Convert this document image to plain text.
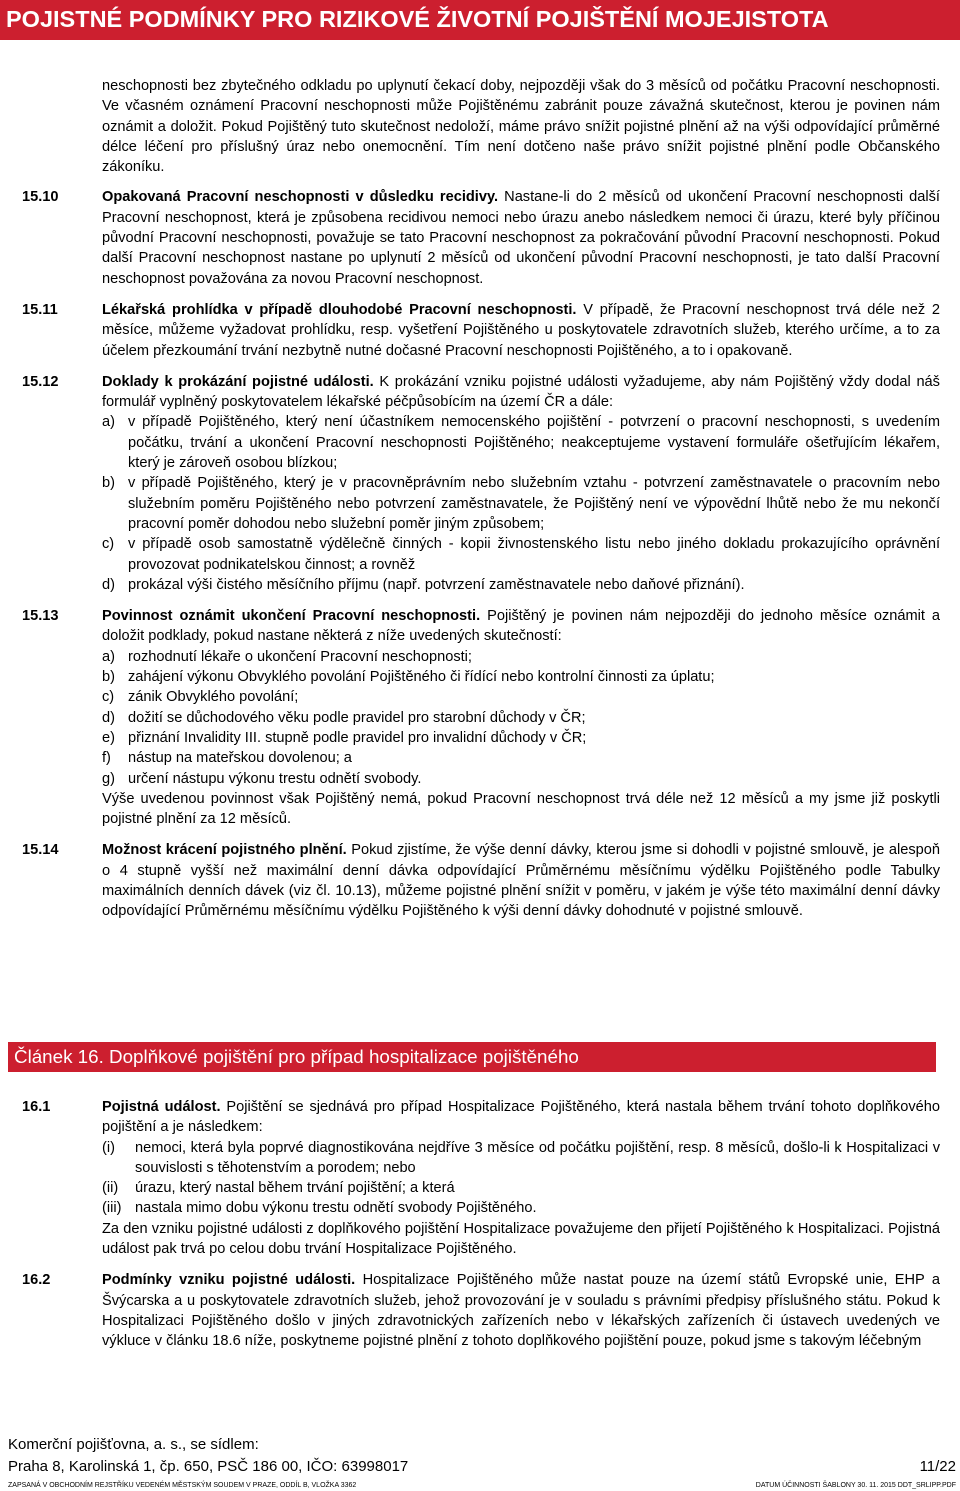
POJISTNÉ PODMÍNKY PRO RIZIKOVÉ ŽIVOTNÍ POJIŠTĚNÍ MOJEJISTOTA
neschopnosti bez zbytečného odkladu po uplynutí čekací doby, nejpozději však do 3 měsíců od počátku Pracovní neschopnosti. Ve včasném oznámení Pracovní neschopnosti může Pojištěnému zabránit pouze závažná skutečnost, kterou je povinen nám oznámit a doložit. Pokud Pojištěný tuto skutečnost nedoloží, máme právo snížit pojistné plnění až na výši odpovídající průměrné délce léčení pro příslušný úraz nebo onemocnění. Tím není dotčeno naše právo snížit pojistné plnění podle Občanského zákoníku.
15.10	Opakovaná Pracovní neschopnosti v důsledku recidivy. Nastane-li do 2 měsíců od ukončení Pracovní neschopnosti další Pracovní neschopnost, která je způsobena recidivou nemoci nebo úrazu anebo následkem nemoci či úrazu, které byly příčinou původní Pracovní neschopnosti, považuje se tato Pracovní neschopnost za pokračování původní Pracovní neschopnosti. Pokud další Pracovní neschopnost nastane po uplynutí 2 měsíců od ukončení původní Pracovní neschopnosti, je tato další Pracovní neschopnost považována za novou Pracovní neschopnost.
15.11	Lékařská prohlídka v případě dlouhodobé Pracovní neschopnosti. V případě, že Pracovní neschopnost trvá déle než 2 měsíce, můžeme vyžadovat prohlídku, resp. vyšetření Pojištěného u poskytovatele zdravotních služeb, kterého určíme, a to za účelem přezkoumání trvání nezbytně nutné dočasné Pracovní neschopnosti Pojištěného, a to i opakovaně.
15.12	Doklady k prokázání pojistné události. K prokázání vzniku pojistné události vyžadujeme, aby nám Pojištěný vždy dodal náš formulář vyplněný poskytovatelem lékařské péčpůsobícím na území ČR a dále:
a) v případě Pojištěného, který není účastníkem nemocenského pojištění - potvrzení o pracovní neschopnosti, s uvedením počátku, trvání a ukončení Pracovní neschopnosti Pojištěného; neakceptujeme vystavení formuláře ošetřujícím lékařem, který je zároveň osobou blízkou;
b) v případě Pojištěného, který je v pracovněprávním nebo služebním vztahu - potvrzení zaměstnavatele o pracovním nebo služebním poměru Pojištěného nebo potvrzení zaměstnavatele, že Pojištěný není ve výpovědní lhůtě nebo že mu nekončí pracovní poměr dohodou nebo služební poměr jiným způsobem;
c) v případě osob samostatně výdělečně činných - kopii živnostenského listu nebo jiného dokladu prokazujícího oprávnění provozovat podnikatelskou činnost; a rovněž
d) prokázal výši čistého měsíčního příjmu (např. potvrzení zaměstnavatele nebo daňové přiznání).
15.13	Povinnost oznámit ukončení Pracovní neschopnosti. Pojištěný je povinen nám nejpozději do jednoho měsíce oznámit a doložit podklady, pokud nastane některá z níže uvedených skutečností:
a) rozhodnutí lékaře o ukončení Pracovní neschopnosti;
b) zahájení výkonu Obvyklého povolání Pojištěného či řídící nebo kontrolní činnosti za úplatu;
c) zánik Obvyklého povolání;
d) dožití se důchodového věku podle pravidel pro starobní důchody v ČR;
e) přiznání Invalidity III. stupně podle pravidel pro invalidní důchody v ČR;
f)	nástup na mateřskou dovolenou; a
g) určení nástupu výkonu trestu odnětí svobody.
Výše uvedenou povinnost však Pojištěný nemá, pokud Pracovní neschopnost trvá déle než 12 měsíců a my jsme již poskytli pojistné plnění za 12 měsíců.
15.14	Možnost krácení pojistného plnění. Pokud zjistíme, že výše denní dávky, kterou jsme si dohodli v pojistné smlouvě, je alespoň o 4 stupně vyšší než maximální denní dávka odpovídající Průměrnému měsíčnímu výdělku Pojištěného podle Tabulky maximálních denních dávek (viz čl. 10.13), můžeme pojistné plnění snížit v poměru, v jakém je výše této maximální denní dávky odpovídající Průměrnému měsíčnímu výdělku Pojištěného k výši denní dávky dohodnuté v pojistné smlouvě.
Článek 16. Doplňkové pojištění pro případ hospitalizace pojištěného
16.1	Pojistná událost. Pojištění se sjednává pro případ Hospitalizace Pojištěného, která nastala během trvání tohoto doplňkového pojištění a je následkem:
(i)	nemoci, která byla poprvé diagnostikována nejdříve 3 měsíce od počátku pojištění, resp. 8 měsíců, došlo-li k Hospitalizaci v souvislosti s těhotenstvím a porodem; nebo
(ii)	úrazu, který nastal během trvání pojištění; a která
(iii) nastala mimo dobu výkonu trestu odnětí svobody Pojištěného.
Za den vzniku pojistné události z doplňkového pojištění Hospitalizace považujeme den přijetí Pojištěného k Hospitalizaci. Pojistná událost pak trvá po celou dobu trvání Hospitalizace Pojištěného.
16.2	Podmínky vzniku pojistné události. Hospitalizace Pojištěného může nastat pouze na území států Evropské unie, EHP a Švýcarska a u poskytovatele zdravotních služeb, jehož provozování je v souladu s právními předpisy příslušného státu. Pokud k Hospitalizaci Pojištěného došlo v jiných zdravotnických zařízeních nebo v lékařských zařízeních či ústavech uvedených ve výkluce v článku 18.6 níže, poskytneme pojistné plnění z tohoto doplňkového pojištění pouze, pokud jsme s takovým léčebným
Komerční pojišťovna, a. s., se sídlem:
Praha 8, Karolinská 1, čp. 650, PSČ 186 00, IČO: 63998017	11/22
ZAPSANÁ V OBCHODNÍM REJSTŘÍKU VEDENÉM MĚSTSKÝM SOUDEM V PRAZE, ODDÍL B, VLOŽKA 3362	DATUM ÚČINNOSTI ŠABLONY 30. 11. 2015 DDT_SRLIPP.PDF
